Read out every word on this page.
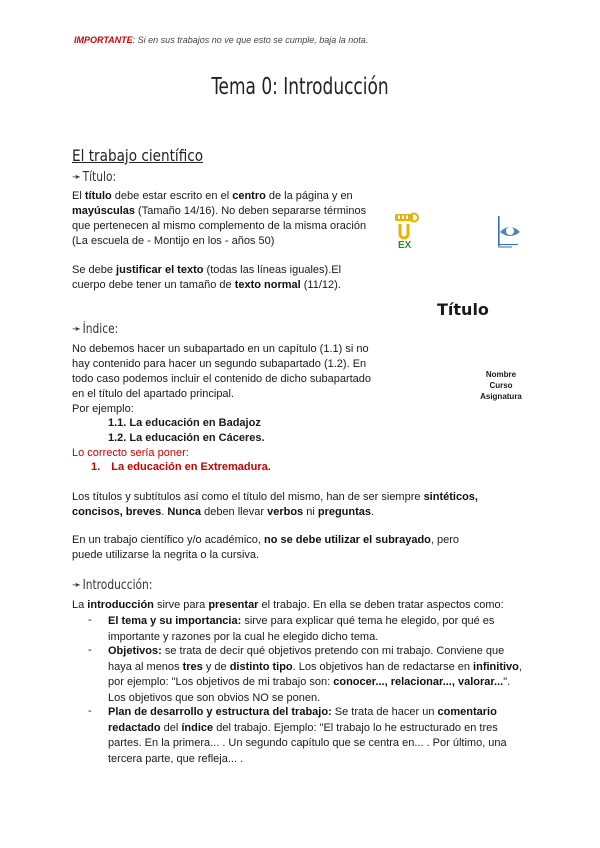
IMPORTANTE: Si en sus trabajos no ve que esto se cumple, baja la nota.
Tema 0: Introducción
El trabajo científico
➛ Título:
El título debe estar escrito en el centro de la página y en mayúsculas (Tamaño 14/16). No deben separarse términos que pertenecen al mismo complemento de la misma oración (La escuela de - Montijo en los - años 50)
Se debe justificar el texto (todas las líneas iguales).El cuerpo debe tener un tamaño de texto normal (11/12).
EX
Título
Nombre
Curso
Asignatura
➛ Índice:
No debemos hacer un subapartado en un capítulo (1.1) si no hay contenido para hacer un segundo subapartado (1.2). En todo caso podemos incluir el contenido de dicho subapartado en el título del apartado principal.
Por ejemplo:
1.1. La educación en Badajoz
1.2. La educación en Cáceres.
Lo correcto sería poner:
1. La educación en Extremadura.
Los títulos y subtítulos así como el título del mismo, han de ser siempre sintéticos, concisos, breves. Nunca deben llevar verbos ni preguntas.
En un trabajo científico y/o académico, no se debe utilizar el subrayado, pero puede utilizarse la negrita o la cursiva.
➛ Introducción:
La introducción sirve para presentar el trabajo. En ella se deben tratar aspectos como:
- El tema y su importancia: sirve para explicar qué tema he elegido, por qué es importante y razones por la cual he elegido dicho tema.
- Objetivos: se trata de decir qué objetivos pretendo con mi trabajo. Conviene que haya al menos tres y de distinto tipo. Los objetivos han de redactarse en infinitivo, por ejemplo: "Los objetivos de mi trabajo son: conocer..., relacionar..., valorar...". Los objetivos que son obvios NO se ponen.
- Plan de desarrollo y estructura del trabajo: Se trata de hacer un comentario redactado del índice del trabajo. Ejemplo: "El trabajo lo he estructurado en tres partes. En la primera... . Un segundo capítulo que se centra en... . Por último, una tercera parte, que refleja... .
